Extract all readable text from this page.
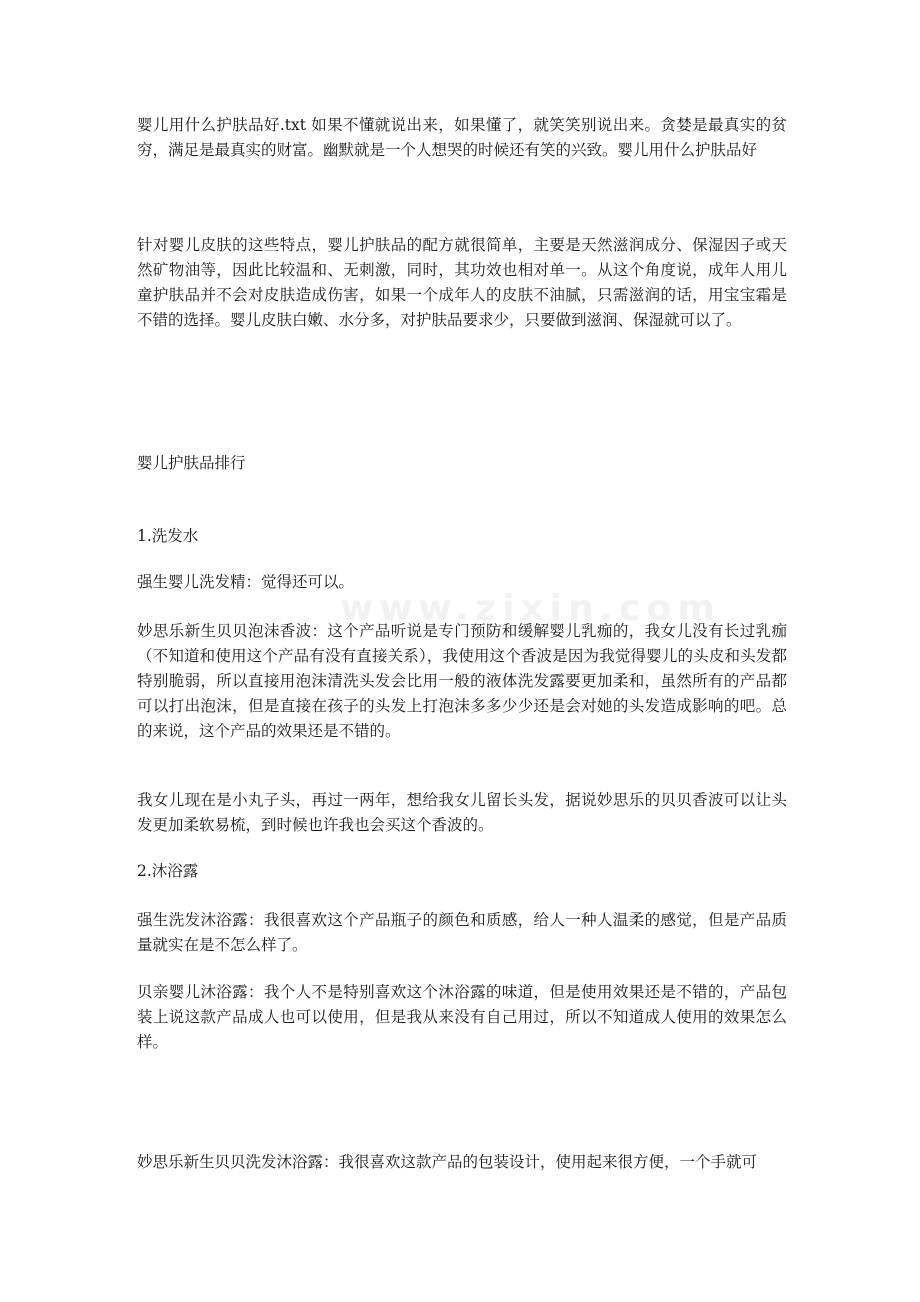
www.zixin.com

婴儿用什么护肤品好.txt 如果不懂就说出来，如果懂了，就笑笑别说出来。贪婪是最真实的贫穷，满足是最真实的财富。幽默就是一个人想哭的时候还有笑的兴致。婴儿用什么护肤品好

针对婴儿皮肤的这些特点，婴儿护肤品的配方就很简单，主要是天然滋润成分、保湿因子或天然矿物油等，因此比较温和、无刺激，同时，其功效也相对单一。从这个角度说，成年人用儿童护肤品并不会对皮肤造成伤害，如果一个成年人的皮肤不油腻，只需滋润的话，用宝宝霜是不错的选择。婴儿皮肤白嫩、水分多，对护肤品要求少，只要做到滋润、保湿就可以了。

婴儿护肤品排行

1.洗发水

强生婴儿洗发精：觉得还可以。

妙思乐新生贝贝泡沫香波：这个产品听说是专门预防和缓解婴儿乳痂的，我女儿没有长过乳痂（不知道和使用这个产品有没有直接关系），我使用这个香波是因为我觉得婴儿的头皮和头发都特别脆弱，所以直接用泡沫清洗头发会比用一般的液体洗发露要更加柔和，虽然所有的产品都可以打出泡沫，但是直接在孩子的头发上打泡沫多多少少还是会对她的头发造成影响的吧。总的来说，这个产品的效果还是不错的。

我女儿现在是小丸子头，再过一两年，想给我女儿留长头发，据说妙思乐的贝贝香波可以让头发更加柔软易梳，到时候也许我也会买这个香波的。

2.沐浴露

强生洗发沐浴露：我很喜欢这个产品瓶子的颜色和质感，给人一种人温柔的感觉，但是产品质量就实在是不怎么样了。

贝亲婴儿沐浴露：我个人不是特别喜欢这个沐浴露的味道，但是使用效果还是不错的，产品包装上说这款产品成人也可以使用，但是我从来没有自己用过，所以不知道成人使用的效果怎么样。

妙思乐新生贝贝洗发沐浴露：我很喜欢这款产品的包装设计，使用起来很方便，一个手就可
